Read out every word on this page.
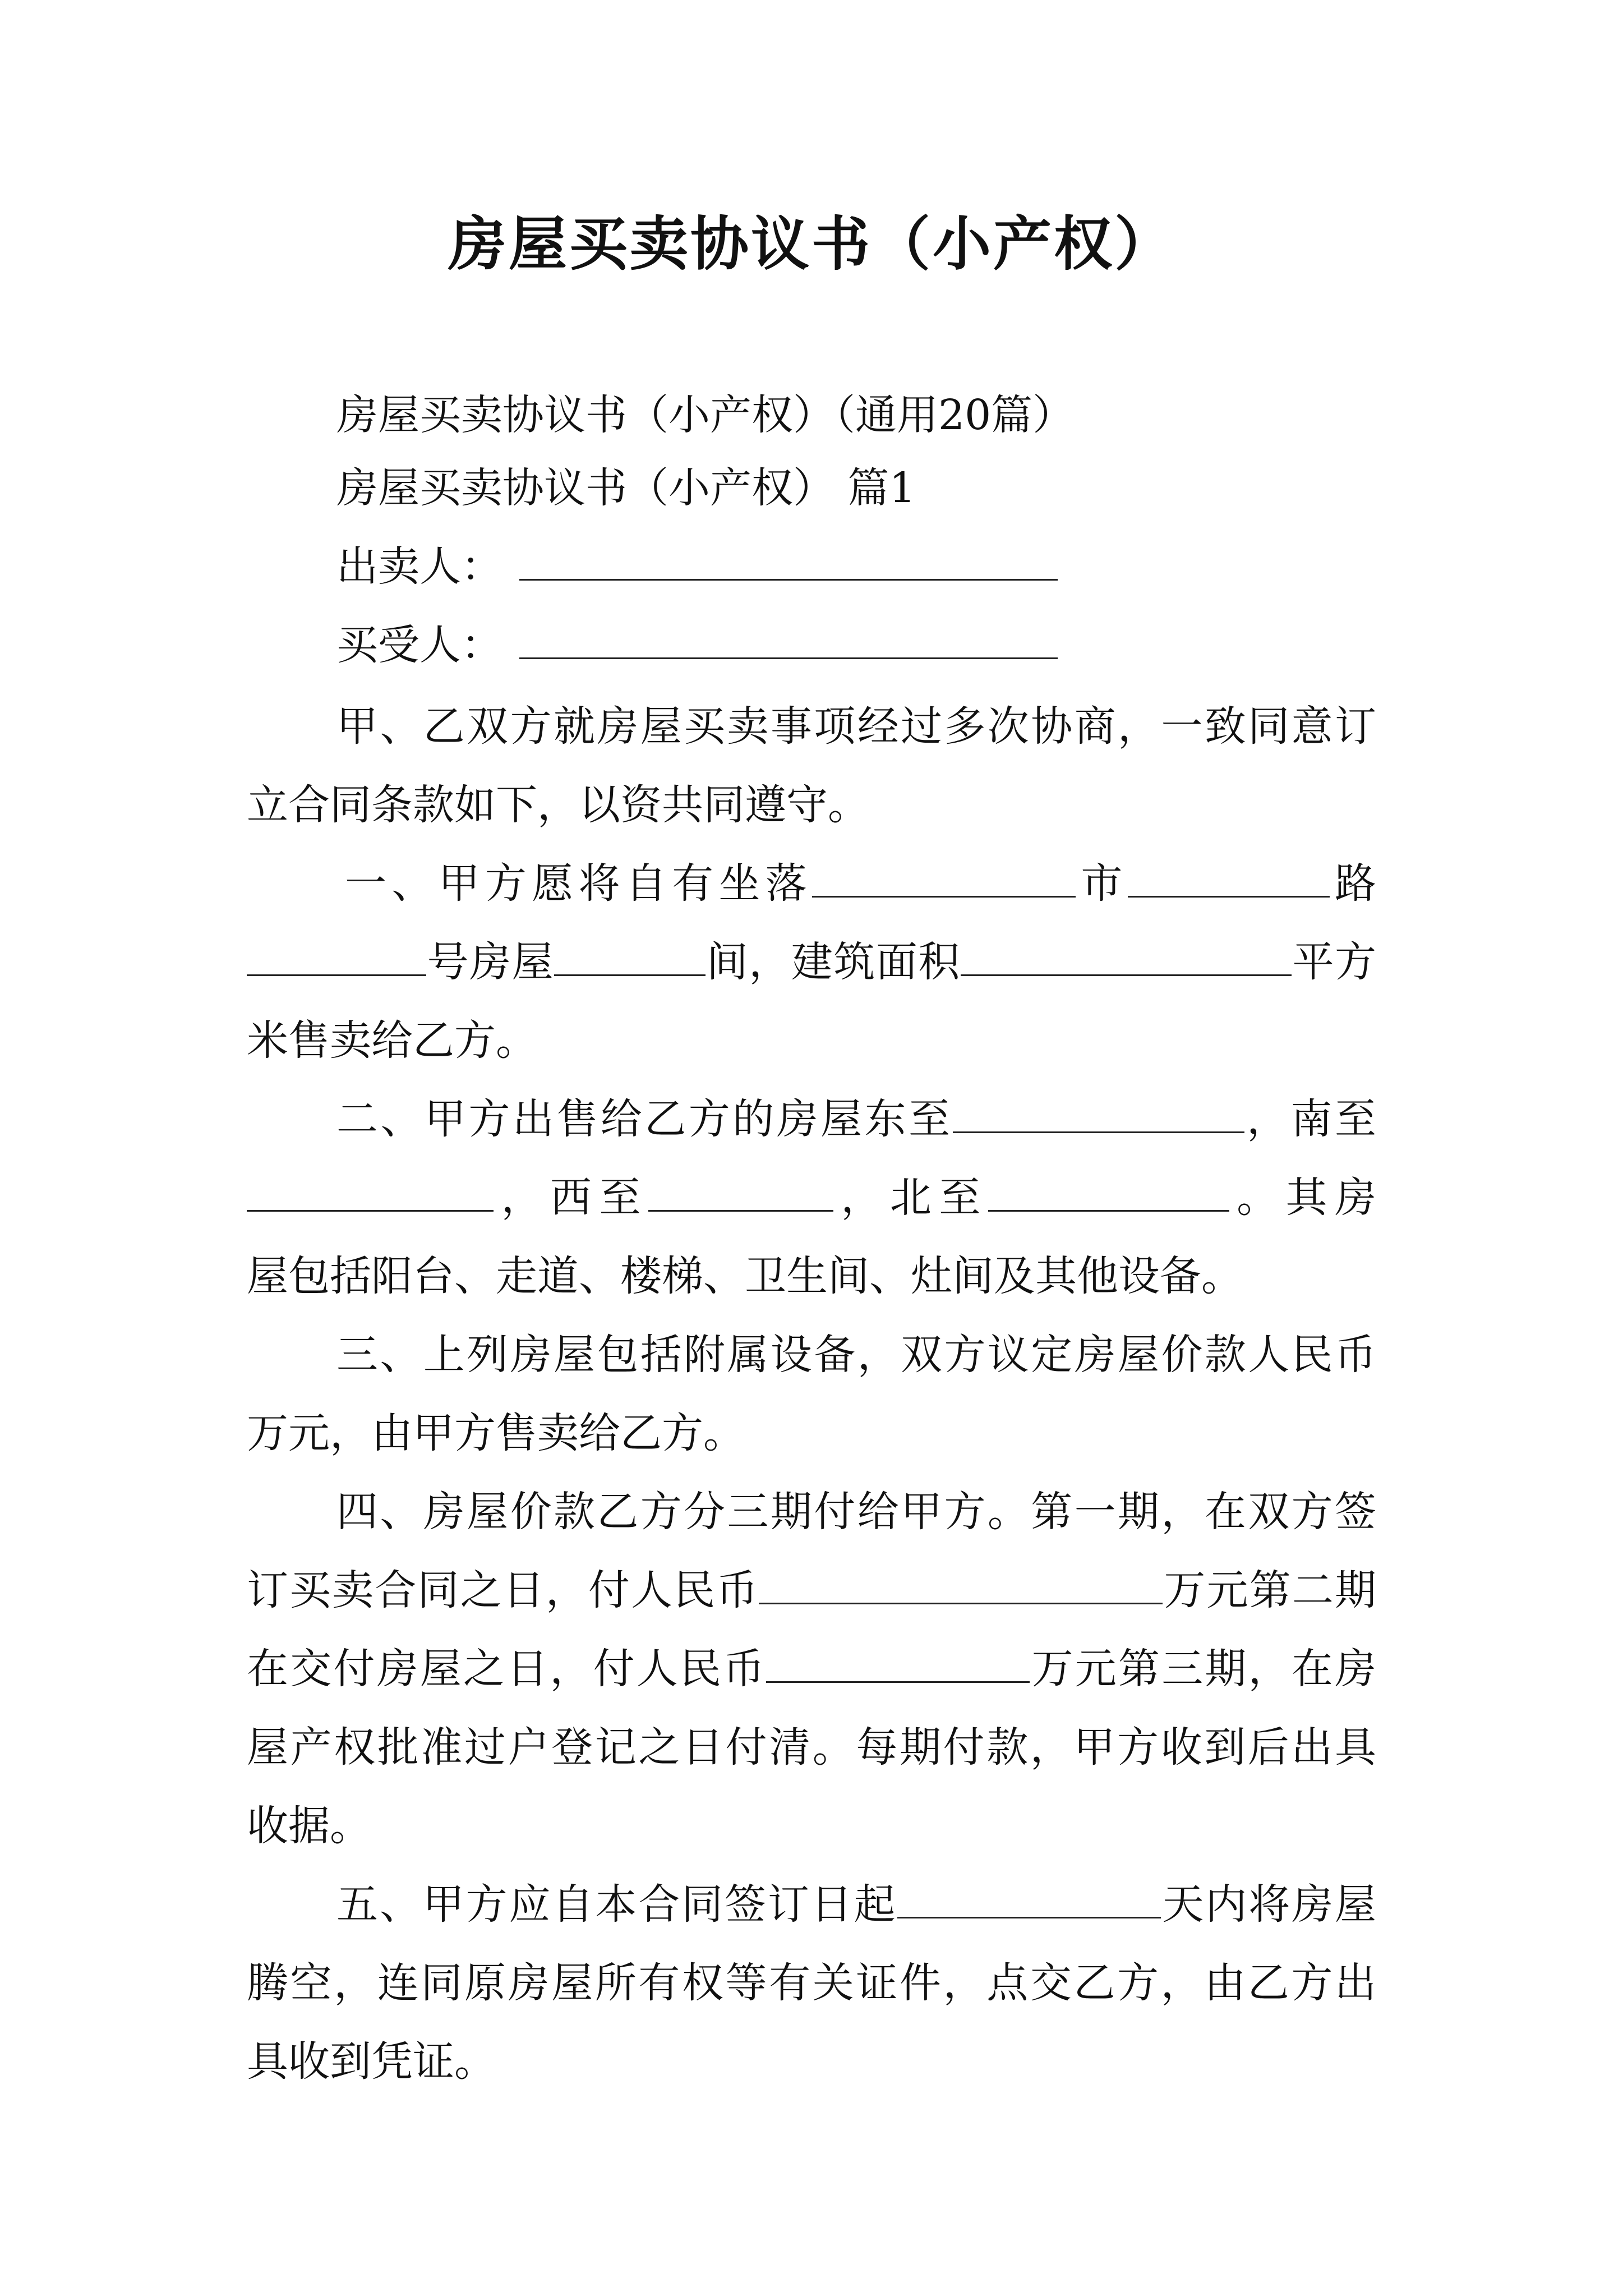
房屋买卖协议书（小产权）
房屋买卖协议书（小产权）（通用20篇）
房屋买卖协议书（小产权） 篇1
出卖人：
买受人：
甲、乙双方就房屋买卖事项经过多次协商，一致同意订
立合同条款如下，以资共同遵守。
一、甲方愿将自有坐落	市	路
号房屋	间，建筑面积	平方
米售卖给乙方。
二、甲方出售给乙方的房屋东至	，南至
，西至	，北至	。其房
屋包括阳台、走道、楼梯、卫生间、灶间及其他设备。
三、上列房屋包括附属设备，双方议定房屋价款人民币
万元，由甲方售卖给乙方。
四、房屋价款乙方分三期付给甲方。第一期，在双方签
订买卖合同之日，付人民币	万元第二期
在交付房屋之日，付人民币	万元第三期，在房
屋产权批准过户登记之日付清。每期付款，甲方收到后出具
收据。
五、甲方应自本合同签订日起	天内将房屋
腾空，连同原房屋所有权等有关证件，点交乙方，由乙方出
具收到凭证。
